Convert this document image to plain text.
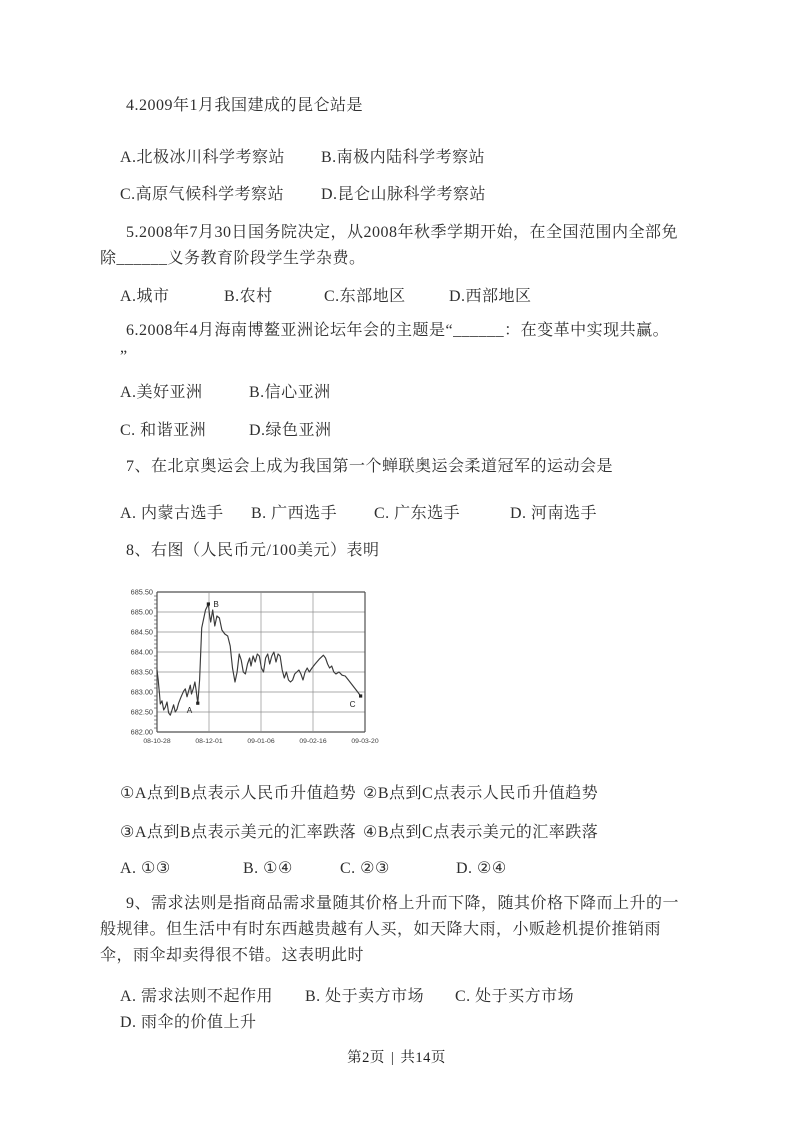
4.2009年1月我国建成的昆仑站是
A.北极冰川科学考察站	B.南极内陆科学考察站
C.高原气候科学考察站	D.昆仑山脉科学考察站
5.2008年7月30日国务院决定，从2008年秋季学期开始，在全国范围内全部免
除______义务教育阶段学生学杂费。
A.城市	B.农村	C.东部地区	D.西部地区
6.2008年4月海南博鳌亚洲论坛年会的主题是“______：在变革中实现共赢。
”
A.美好亚洲	B.信心亚洲
C. 和谐亚洲	D.绿色亚洲
7、在北京奥运会上成为我国第一个蝉联奥运会柔道冠军的运动会是
A. 内蒙古选手	B. 广西选手	C. 广东选手	D. 河南选手
8、右图（人民币元/100美元）表明
685.50
685.00
684.50
684.00
683.50
683.00
682.50
682.00
08-10-28	08-12-01	09-01-06	09-02-16	09-03-20
A
B
C
①A点到B点表示人民币升值趋势 ②B点到C点表示人民币升值趋势
③A点到B点表示美元的汇率跌落 ④B点到C点表示美元的汇率跌落
A. ①③	B. ①④	C. ②③	D. ②④
9、需求法则是指商品需求量随其价格上升而下降，随其价格下降而上升的一
般规律。但生活中有时东西越贵越有人买，如天降大雨，小贩趁机提价推销雨
伞，雨伞却卖得很不错。这表明此时
A. 需求法则不起作用	B. 处于卖方市场	C. 处于买方市场
D. 雨伞的价值上升
第2页 | 共14页
